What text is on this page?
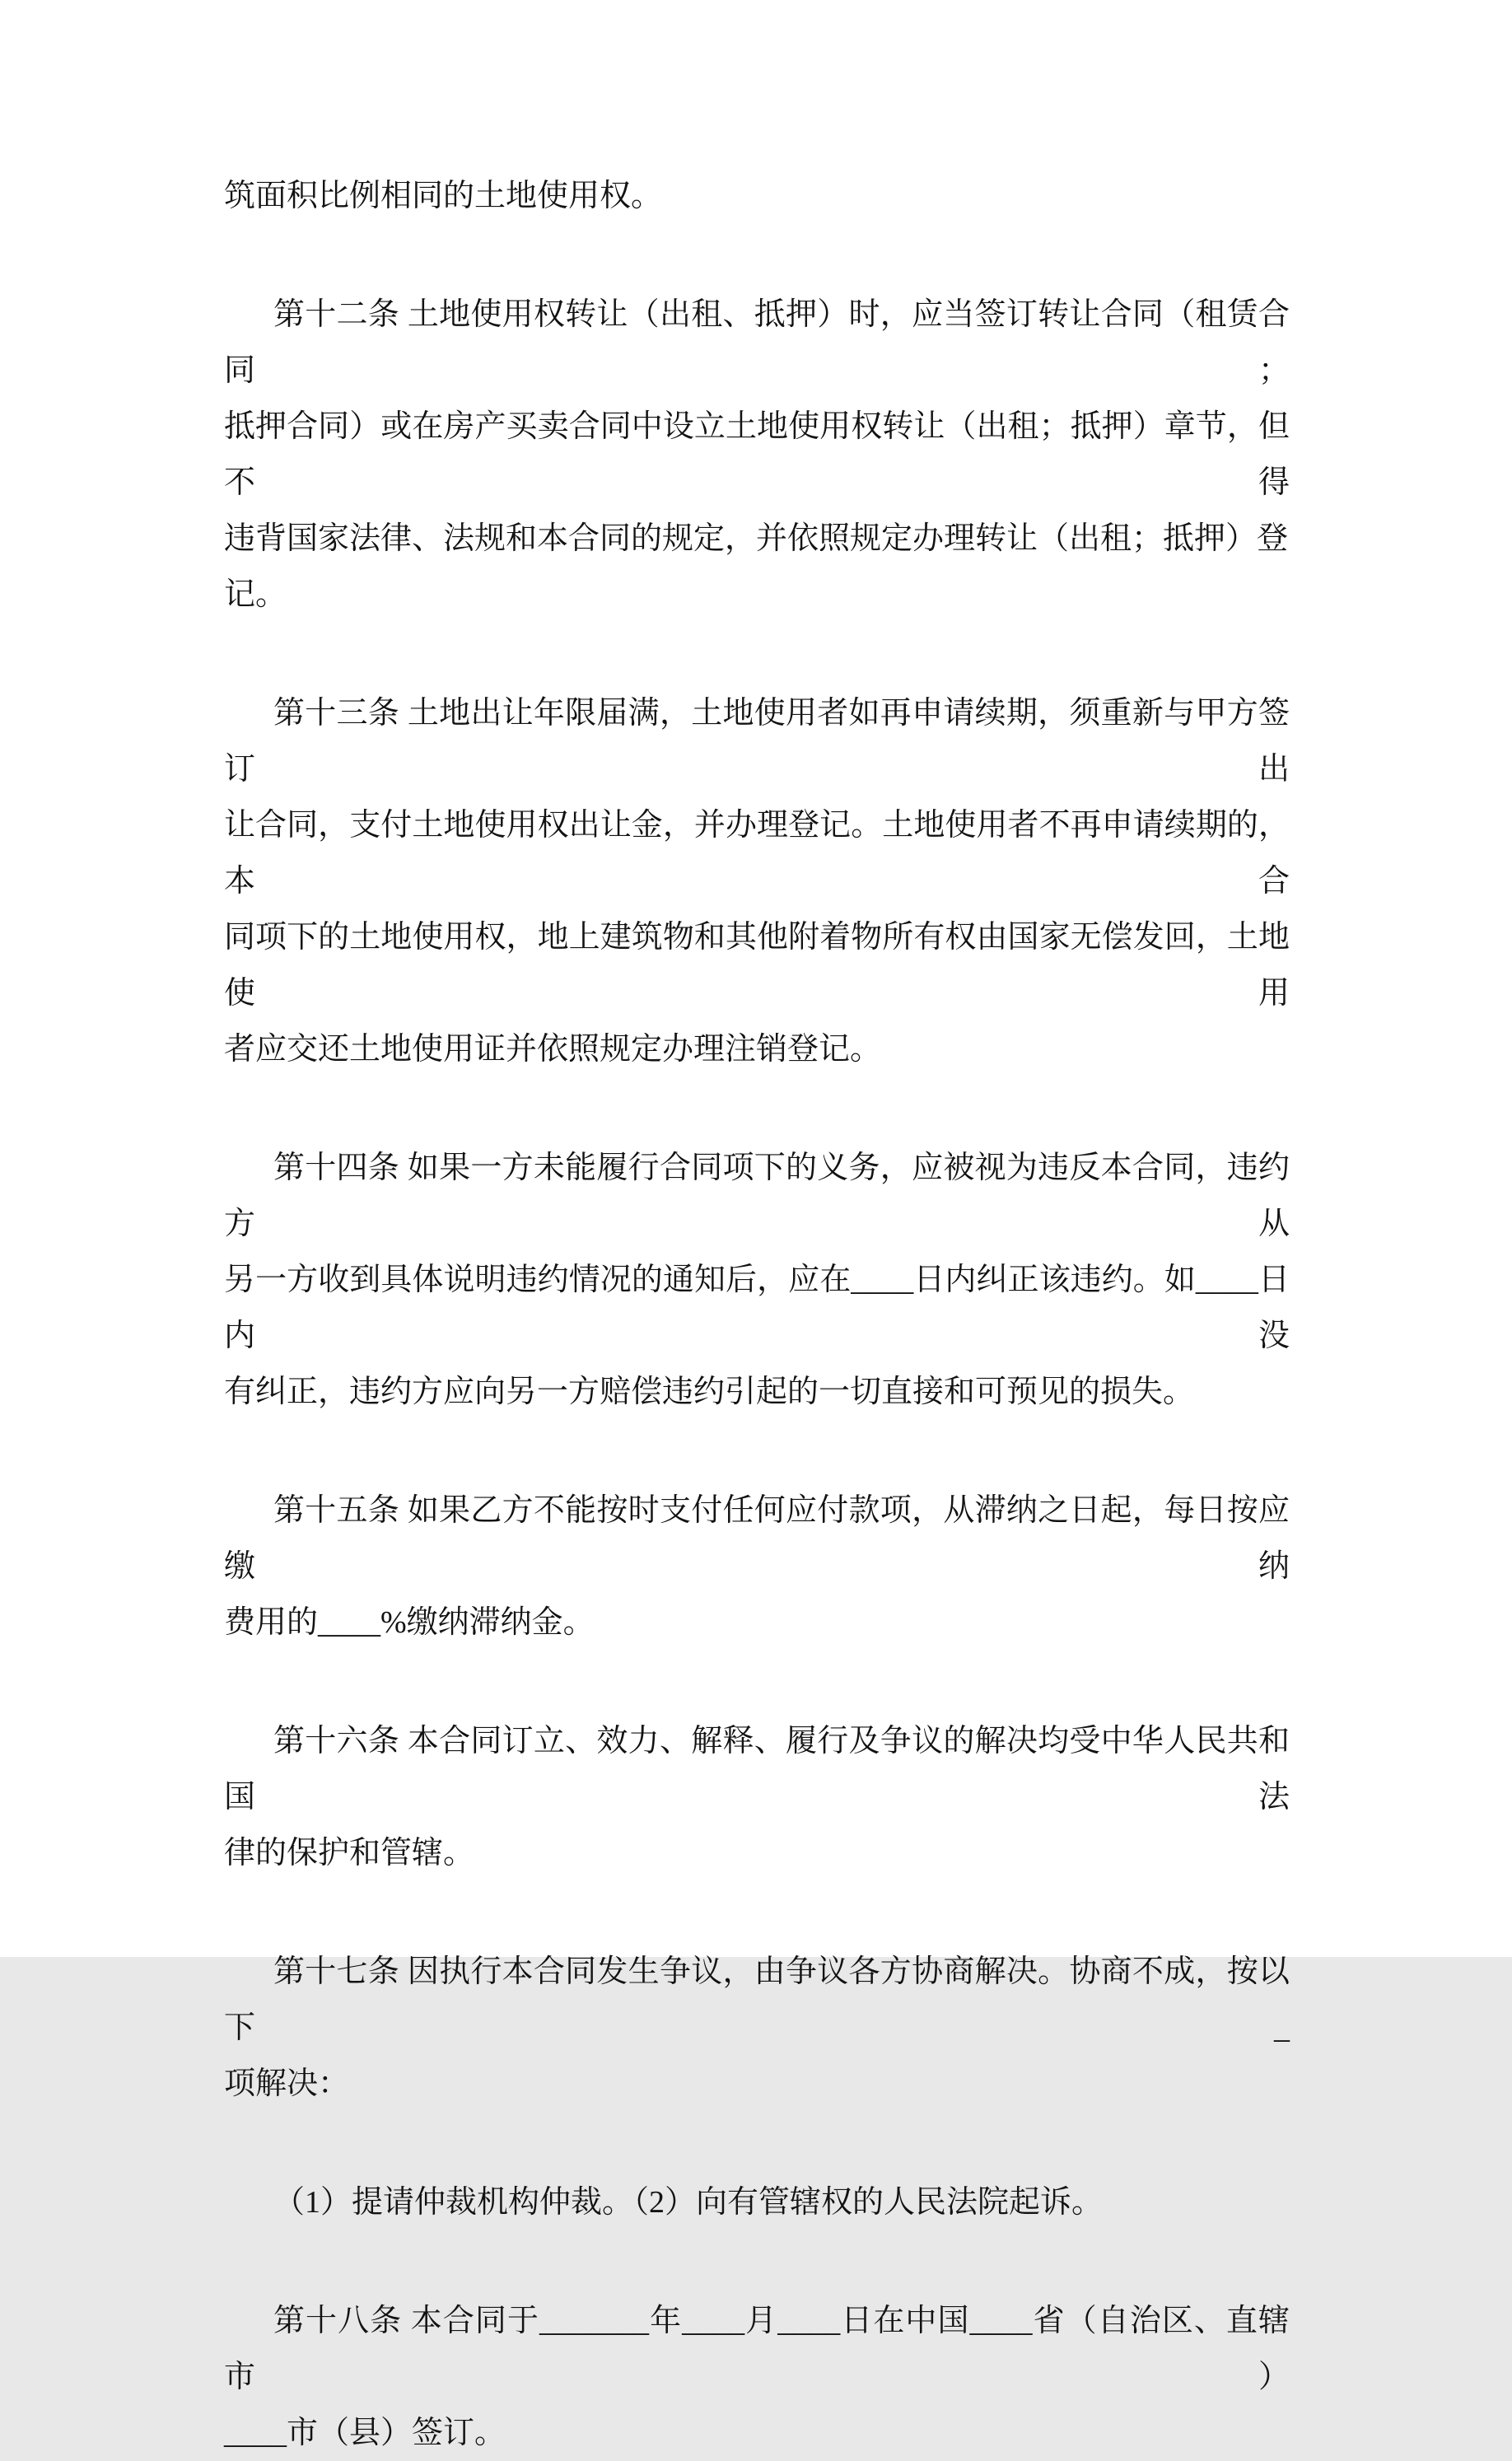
筑面积比例相同的土地使用权。
第十二条 土地使用权转让（出租、抵押）时，应当签订转让合同（租赁合同；
抵押合同）或在房产买卖合同中设立土地使用权转让（出租；抵押）章节，但不得
违背国家法律、法规和本合同的规定，并依照规定办理转让（出租；抵押）登记。
第十三条 土地出让年限届满，土地使用者如再申请续期，须重新与甲方签订出
让合同，支付土地使用权出让金，并办理登记。土地使用者不再申请续期的，本合
同项下的土地使用权，地上建筑物和其他附着物所有权由国家无偿发回，土地使用
者应交还土地使用证并依照规定办理注销登记。
第十四条 如果一方未能履行合同项下的义务，应被视为违反本合同，违约方从
另一方收到具体说明违约情况的通知后，应在____日内纠正该违约。如____日内没
有纠正，违约方应向另一方赔偿违约引起的一切直接和可预见的损失。
第十五条 如果乙方不能按时支付任何应付款项，从滞纳之日起，每日按应缴纳
费用的____%缴纳滞纳金。
第十六条 本合同订立、效力、解释、履行及争议的解决均受中华人民共和国法
律的保护和管辖。
第十七条 因执行本合同发生争议，由争议各方协商解决。协商不成，按以下_
项解决：
（1）提请仲裁机构仲裁。（2）向有管辖权的人民法院起诉。
第十八条 本合同于_______年____月____日在中国____省（自治区、直辖市）
____市（县）签订。
